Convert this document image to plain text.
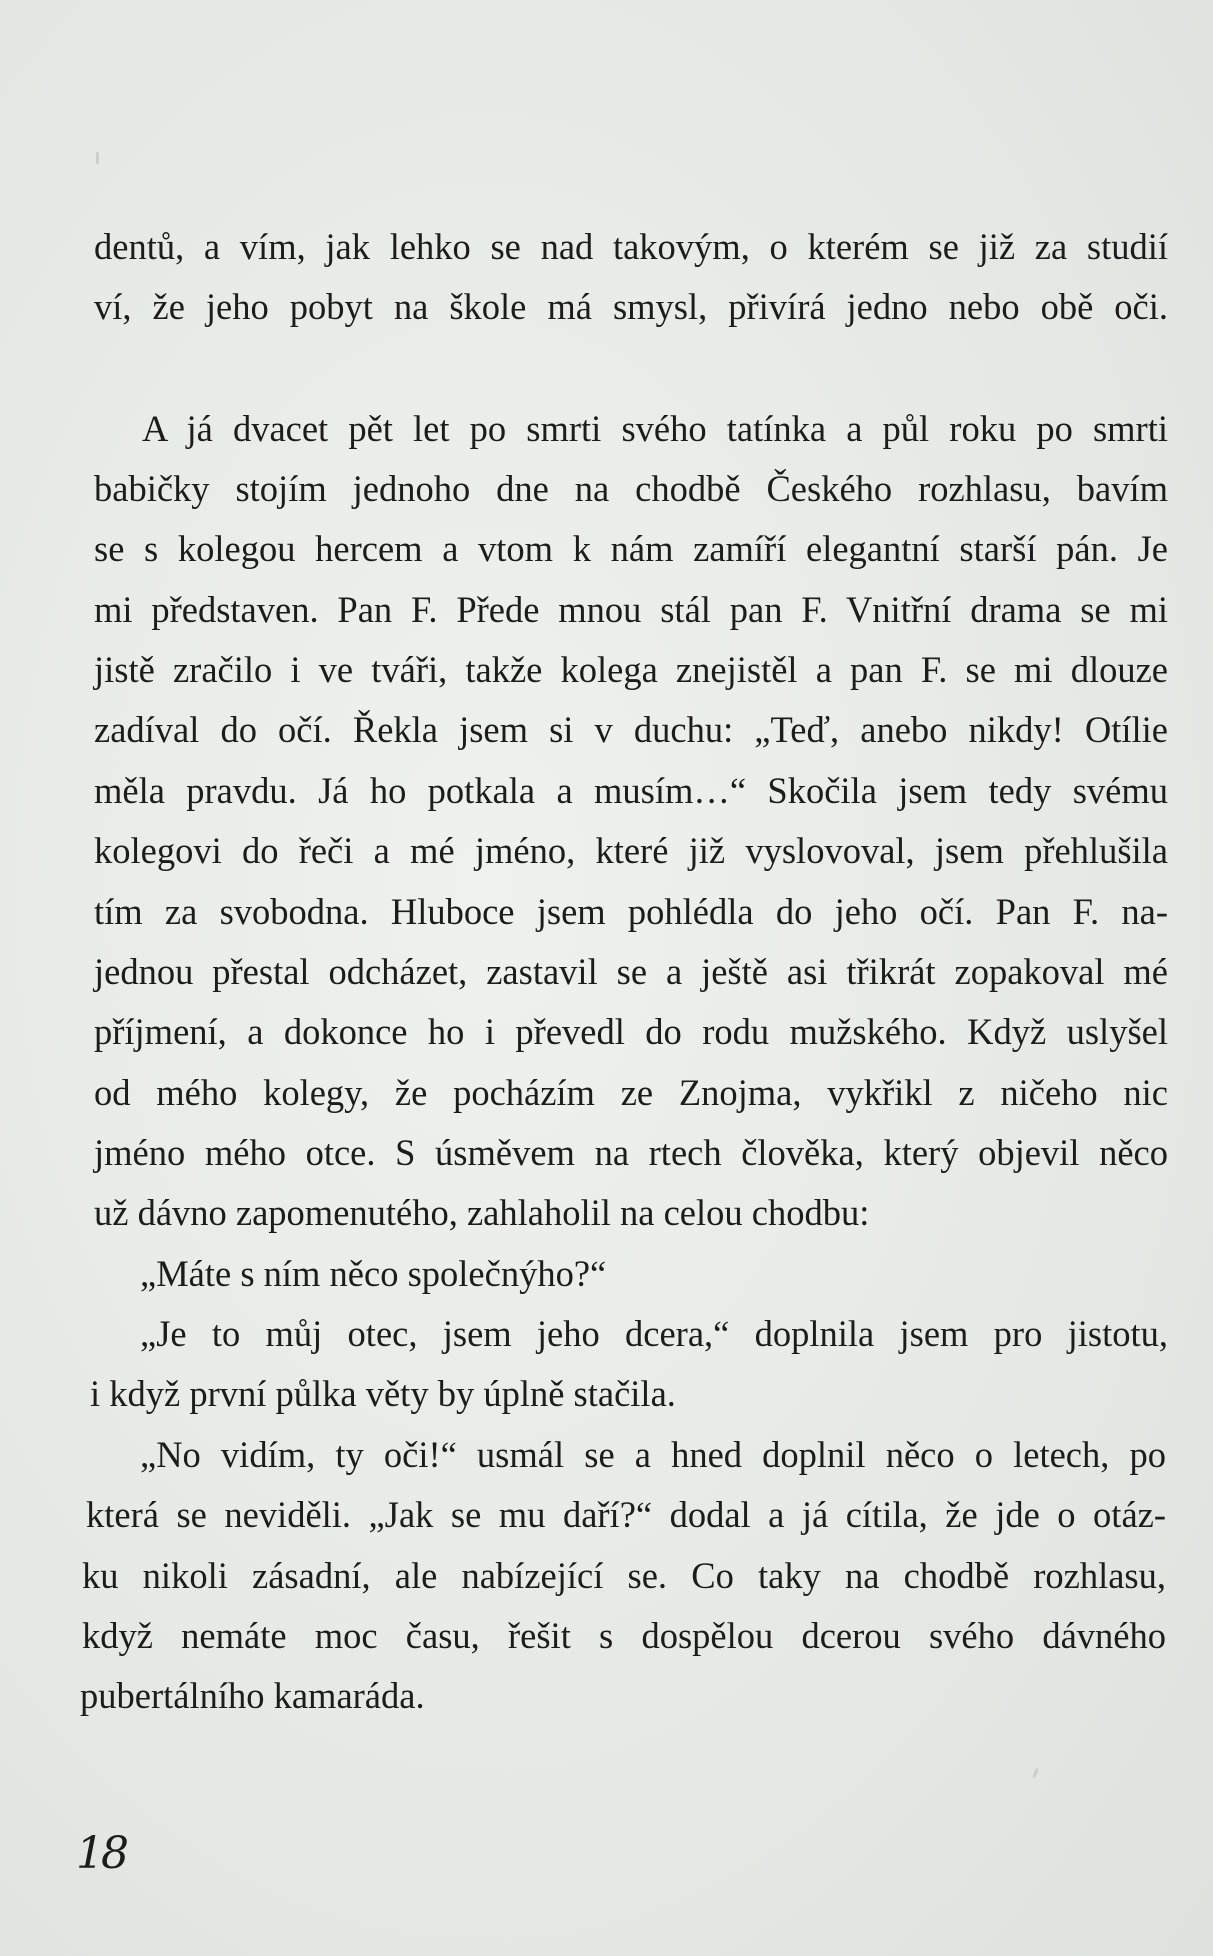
dentů, a vím, jak lehko se nad takovým, o kterém se již za studií

ví, že jeho pobyt na škole má smysl, přivírá jedno nebo obě oči.

A já dvacet pět let po smrti svého tatínka a půl roku po smrti

babičky stojím jednoho dne na chodbě Českého rozhlasu, bavím

se s kolegou hercem a vtom k nám zamíří elegantní starší pán. Je

mi představen. Pan F. Přede mnou stál pan F. Vnitřní drama se mi

jistě zračilo i ve tváři, takže kolega znejistěl a pan F. se mi dlouze

zadíval do očí. Řekla jsem si v duchu: „Teď, anebo nikdy! Otílie

měla pravdu. Já ho potkala a musím…“ Skočila jsem tedy svému

kolegovi do řeči a mé jméno, které již vyslovoval, jsem přehlušila

tím za svobodna. Hluboce jsem pohlédla do jeho očí. Pan F. na-

jednou přestal odcházet, zastavil se a ještě asi třikrát zopakoval mé

příjmení, a dokonce ho i převedl do rodu mužského. Když uslyšel

od mého kolegy, že pocházím ze Znojma, vykřikl z ničeho nic

jméno mého otce. S úsměvem na rtech člověka, který objevil něco

už dávno zapomenutého, zahlaholil na celou chodbu:

„Máte s ním něco společnýho?“

„Je to můj otec, jsem jeho dcera,“ doplnila jsem pro jistotu,

i když první půlka věty by úplně stačila.

„No vidím, ty oči!“ usmál se a hned doplnil něco o letech, po

která se neviděli. „Jak se mu daří?“ dodal a já cítila, že jde o otáz-

ku nikoli zásadní, ale nabízející se. Co taky na chodbě rozhlasu,

když nemáte moc času, řešit s dospělou dcerou svého dávného

pubertálního kamaráda.

18
